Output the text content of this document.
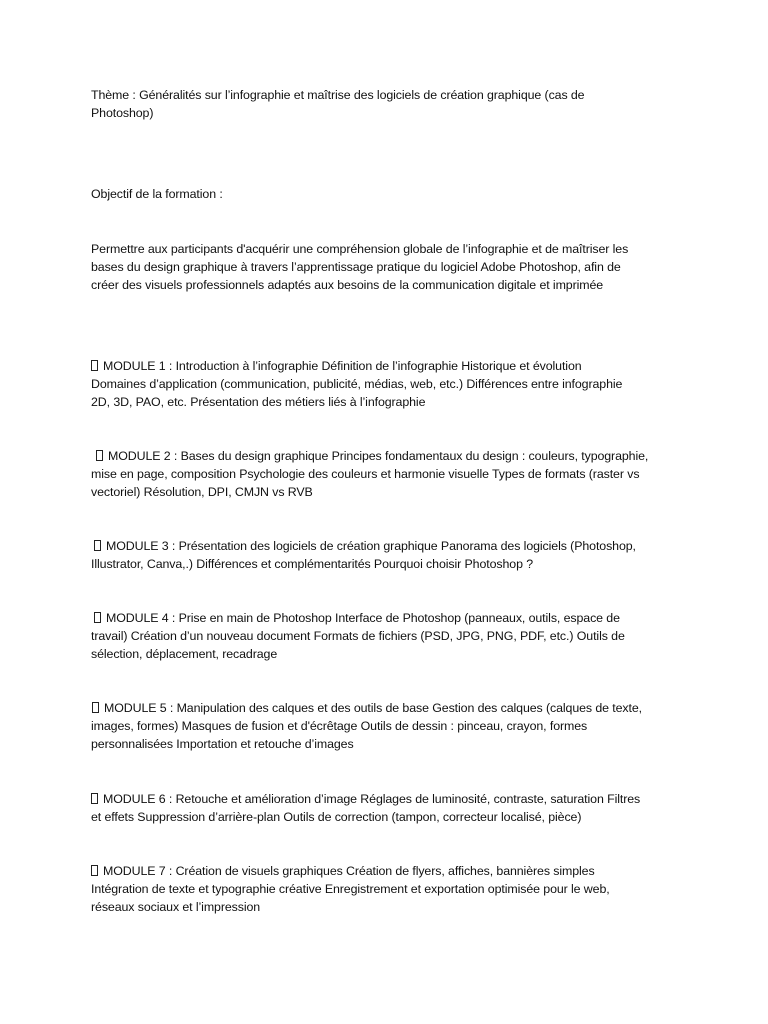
Thème : Généralités sur l’infographie et maîtrise des logiciels de création graphique (cas de
Photoshop)

Objectif de la formation :

Permettre aux participants d'acquérir une compréhension globale de l’infographie et de maîtriser les
bases du design graphique à travers l’apprentissage pratique du logiciel Adobe Photoshop, afin de
créer des visuels professionnels adaptés aux besoins de la communication digitale et imprimée

MODULE 1 : Introduction à l’infographie Définition de l’infographie Historique et évolution
Domaines d’application (communication, publicité, médias, web, etc.) Différences entre infographie
2D, 3D, PAO, etc. Présentation des métiers liés à l’infographie

MODULE 2 : Bases du design graphique Principes fondamentaux du design : couleurs, typographie,
mise en page, composition Psychologie des couleurs et harmonie visuelle Types de formats (raster vs
vectoriel) Résolution, DPI, CMJN vs RVB

MODULE 3 : Présentation des logiciels de création graphique Panorama des logiciels (Photoshop,
Illustrator, Canva,.) Différences et complémentarités Pourquoi choisir Photoshop ?

MODULE 4 : Prise en main de Photoshop Interface de Photoshop (panneaux, outils, espace de
travail) Création d’un nouveau document Formats de fichiers (PSD, JPG, PNG, PDF, etc.) Outils de
sélection, déplacement, recadrage

MODULE 5 : Manipulation des calques et des outils de base Gestion des calques (calques de texte,
images, formes) Masques de fusion et d'écrêtage Outils de dessin : pinceau, crayon, formes
personnalisées Importation et retouche d’images

MODULE 6 : Retouche et amélioration d’image Réglages de luminosité, contraste, saturation Filtres
et effets Suppression d’arrière-plan Outils de correction (tampon, correcteur localisé, pièce)

MODULE 7 : Création de visuels graphiques Création de flyers, affiches, bannières simples
Intégration de texte et typographie créative Enregistrement et exportation optimisée pour le web,
réseaux sociaux et l’impression
